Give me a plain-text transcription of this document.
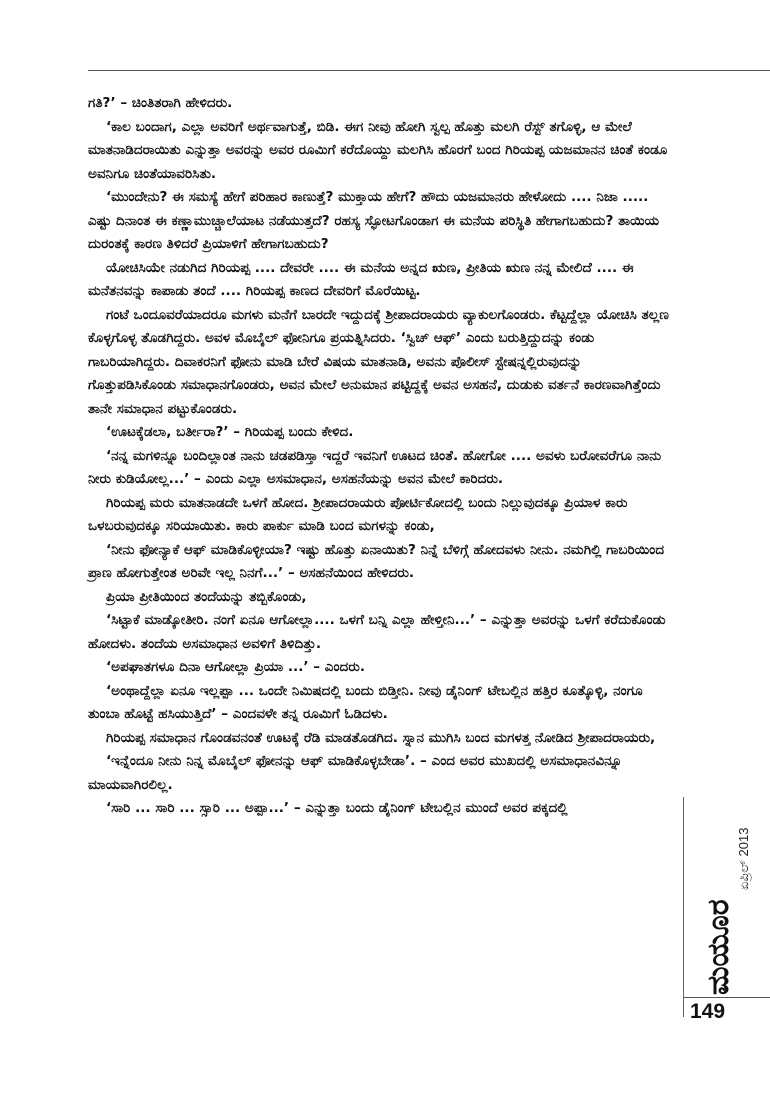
ಗತಿ?’ – ಚಿಂತಿತರಾಗಿ ಹೇಳಿದರು.

‘ಕಾಲ ಬಂದಾಗ, ಎಲ್ಲಾ ಅವರಿಗೆ ಅರ್ಥವಾಗುತ್ತೆ, ಬಿಡಿ. ಈಗ ನೀವು ಹೋಗಿ ಸ್ವಲ್ಪ ಹೊತ್ತು ಮಲಗಿ ರೆಸ್ಟ್ ತಗೊಳ್ಳಿ, ಆ ಮೇಲೆ ಮಾತನಾಡಿದರಾಯಿತು ಎನ್ನುತ್ತಾ ಅವರನ್ನು ಅವರ ರೂಮಿಗೆ ಕರೆದೊಯ್ದು ಮಲಗಿಸಿ ಹೊರಗೆ ಬಂದ ಗಿರಿಯಪ್ಪ ಯಜಮಾನನ ಚಿಂತೆ ಕಂಡೂ ಅವನಿಗೂ ಚಿಂತೆಯಾವರಿಸಿತು.

‘ಮುಂದೇನು? ಈ ಸಮಸ್ಯೆ ಹೇಗೆ ಪರಿಹಾರ ಕಾಣುತ್ತೆ? ಮುಕ್ತಾಯ ಹೇಗೆ? ಹೌದು ಯಜಮಾನರು ಹೇಳೋದು .... ನಿಜಾ ..... ಎಷ್ಟು ದಿನಾಂತ ಈ ಕಣ್ಣಾಮುಚ್ಚಾಲೆಯಾಟ ನಡೆಯುತ್ತದೆ? ರಹಸ್ಯ ಸ್ಫೋಟಗೊಂಡಾಗ ಈ ಮನೆಯ ಪರಿಸ್ಥಿತಿ ಹೇಗಾಗಬಹುದು? ತಾಯಿಯ ದುರಂತಕ್ಕೆ ಕಾರಣ ತಿಳಿದರೆ ಪ್ರಿಯಾಳಿಗೆ ಹೇಗಾಗಬಹುದು?

ಯೋಚಿಸಿಯೇ ನಡುಗಿದ ಗಿರಿಯಪ್ಪ .... ದೇವರೇ .... ಈ ಮನೆಯ ಅನ್ನದ ಋಣ, ಪ್ರೀತಿಯ ಋಣ ನನ್ನ ಮೇಲಿದೆ .... ಈ ಮನೆತನವನ್ನು ಕಾಪಾಡು ತಂದೆ .... ಗಿರಿಯಪ್ಪ ಕಾಣದ ದೇವರಿಗೆ ಮೊರೆಯಿಟ್ಟ.

ಗಂಟೆ ಒಂದೂವರೆಯಾದರೂ ಮಗಳು ಮನೆಗೆ ಬಾರದೇ ಇದ್ದುದಕ್ಕೆ ಶ್ರೀಪಾದರಾಯರು ವ್ಯಾಕುಲಗೊಂಡರು. ಕೆಟ್ಟದ್ದೆಲ್ಲಾ ಯೋಚಿಸಿ ತಲ್ಲಣ ಕೊಳ್ಳಗೊಳ್ಳ ತೊಡಗಿದ್ದರು. ಅವಳ ಮೊಬೈಲ್ ಫೋನಿಗೂ ಪ್ರಯತ್ನಿಸಿದರು. ‘ಸ್ವಿಚ್ ಆಫ್’ ಎಂದು ಬರುತ್ತಿದ್ದುದನ್ನು ಕಂಡು ಗಾಬರಿಯಾಗಿದ್ದರು. ದಿವಾಕರನಿಗೆ ಫೋನು ಮಾಡಿ ಬೇರೆ ವಿಷಯ ಮಾತನಾಡಿ, ಅವನು ಪೊಲೀಸ್ ಸ್ಟೇಷನ್ನಲ್ಲಿರುವುದನ್ನು ಗೊತ್ತುಪಡಿಸಿಕೊಂಡು ಸಮಾಧಾನಗೊಂಡರು, ಅವನ ಮೇಲೆ ಅನುಮಾನ ಪಟ್ಟಿದ್ದಕ್ಕೆ ಅವನ ಅಸಹನೆ, ದುಡುಕು ವರ್ತನೆ ಕಾರಣವಾಗಿತ್ತೆಂದು ತಾನೇ ಸಮಾಧಾನ ಪಟ್ಟುಕೊಂಡರು.

‘ಊಟಕ್ಕೆಡಲಾ, ಬರ್ತೀರಾ?’ – ಗಿರಿಯಪ್ಪ ಬಂದು ಕೇಳಿದ.

‘ನನ್ನ ಮಗಳಿನ್ನೂ ಬಂದಿಲ್ಲಾಂತ ನಾನು ಚಡಪಡಿಸ್ತಾ ಇದ್ದರೆ ಇವನಿಗೆ ಊಟದ ಚಿಂತೆ. ಹೋಗೋ .... ಅವಳು ಬರೋವರೆಗೂ ನಾನು ನೀರು ಕುಡಿಯೋಲ್ಲ...’ – ಎಂದು ಎಲ್ಲಾ ಅಸಮಾಧಾನ, ಅಸಹನೆಯನ್ನು ಅವನ ಮೇಲೆ ಕಾರಿದರು.

ಗಿರಿಯಪ್ಪ ಮರು ಮಾತನಾಡದೇ ಒಳಗೆ ಹೋದ. ಶ್ರೀಪಾದರಾಯರು ಪೋರ್ಟಿಕೋದಲ್ಲಿ ಬಂದು ನಿಲ್ಲುವುದಕ್ಕೂ ಪ್ರಿಯಾಳ ಕಾರು ಒಳಬರುವುದಕ್ಕೂ ಸರಿಯಾಯಿತು. ಕಾರು ಪಾರ್ಕು ಮಾಡಿ ಬಂದ ಮಗಳನ್ನು ಕಂಡು,

‘ನೀನು ಫೋನ್ಯಾಕೆ ಆಫ್ ಮಾಡಿಕೊಳ್ಳೀಯಾ? ಇಷ್ಟು ಹೊತ್ತು ಏನಾಯಿತು? ನಿನ್ನೆ ಬೆಳಿಗ್ಗೆ ಹೋದವಳು ನೀನು. ನಮಗಿಲ್ಲಿ ಗಾಬರಿಯಿಂದ ಪ್ರಾಣ ಹೋಗುತ್ತೇಂತ ಅರಿವೇ ಇಲ್ಲ ನಿನಗೆ...’ – ಅಸಹನೆಯಿಂದ ಹೇಳಿದರು.

ಪ್ರಿಯಾ ಪ್ರೀತಿಯಿಂದ ತಂದೆಯನ್ನು ತಬ್ಬಿಕೊಂಡು,

‘ಸಿಟ್ಟಾಕೆ ಮಾಡ್ಕೋತೀರಿ. ನಂಗೆ ಏನೂ ಆಗೋಲ್ಲಾ.... ಒಳಗೆ ಬನ್ನಿ ಎಲ್ಲಾ ಹೇಳ್ತೀನಿ...’ – ಎನ್ನುತ್ತಾ ಅವರನ್ನು ಒಳಗೆ ಕರೆದುಕೊಂಡು ಹೋದಳು. ತಂದೆಯ ಅಸಮಾಧಾನ ಅವಳಿಗೆ ತಿಳಿದಿತ್ತು.

‘ಅಪಘಾತಗಳೂ ದಿನಾ ಆಗೋಲ್ಲಾ ಪ್ರಿಯಾ ...’ – ಎಂದರು.

‘ಅಂಥಾದ್ದೆಲ್ಲಾ ಏನೂ ಇಲ್ಲಪ್ಪಾ ... ಒಂದೇ ನಿಮಿಷದಲ್ಲಿ ಬಂದು ಬಿಡ್ತೀನಿ. ನೀವು ಡೈನಿಂಗ್ ಟೇಬಲ್ಲಿನ ಹತ್ತಿರ ಕೂತ್ಕೊಳ್ಳಿ, ನಂಗೂ ತುಂಬಾ ಹೊಟ್ಟೆ ಹಸಿಯುತ್ತಿದೆ’ – ಎಂದವಳೇ ತನ್ನ ರೂಮಿಗೆ ಓಡಿದಳು.

ಗಿರಿಯಪ್ಪ ಸಮಾಧಾನ ಗೊಂಡವನಂತೆ ಊಟಕ್ಕೆ ರೆಡಿ ಮಾಡತೊಡಗಿದ. ಸ್ನಾನ ಮುಗಿಸಿ ಬಂದ ಮಗಳತ್ತ ನೋಡಿದ ಶ್ರೀಪಾದರಾಯರು,

‘ಇನ್ನೆಂದೂ ನೀನು ನಿನ್ನ ಮೊಬೈಲ್ ಫೋನನ್ನು ಆಫ್ ಮಾಡಿಕೊಳ್ಳಬೇಡಾ’. – ಎಂದ ಅವರ ಮುಖದಲ್ಲಿ ಅಸಮಾಧಾನವಿನ್ನೂ ಮಾಯವಾಗಿರಲಿಲ್ಲ.

‘ಸಾರಿ ... ಸಾರಿ ... ಸ್ಸಾರಿ ... ಅಪ್ಪಾ...’ – ಎನ್ನುತ್ತಾ ಬಂದು ಡೈನಿಂಗ್ ಟೇಬಲ್ಲಿನ ಮುಂದೆ ಅವರ ಪಕ್ಕದಲ್ಲಿ

ಮಯೂರ
ಏಪ್ರಿಲ್ 2013
149
